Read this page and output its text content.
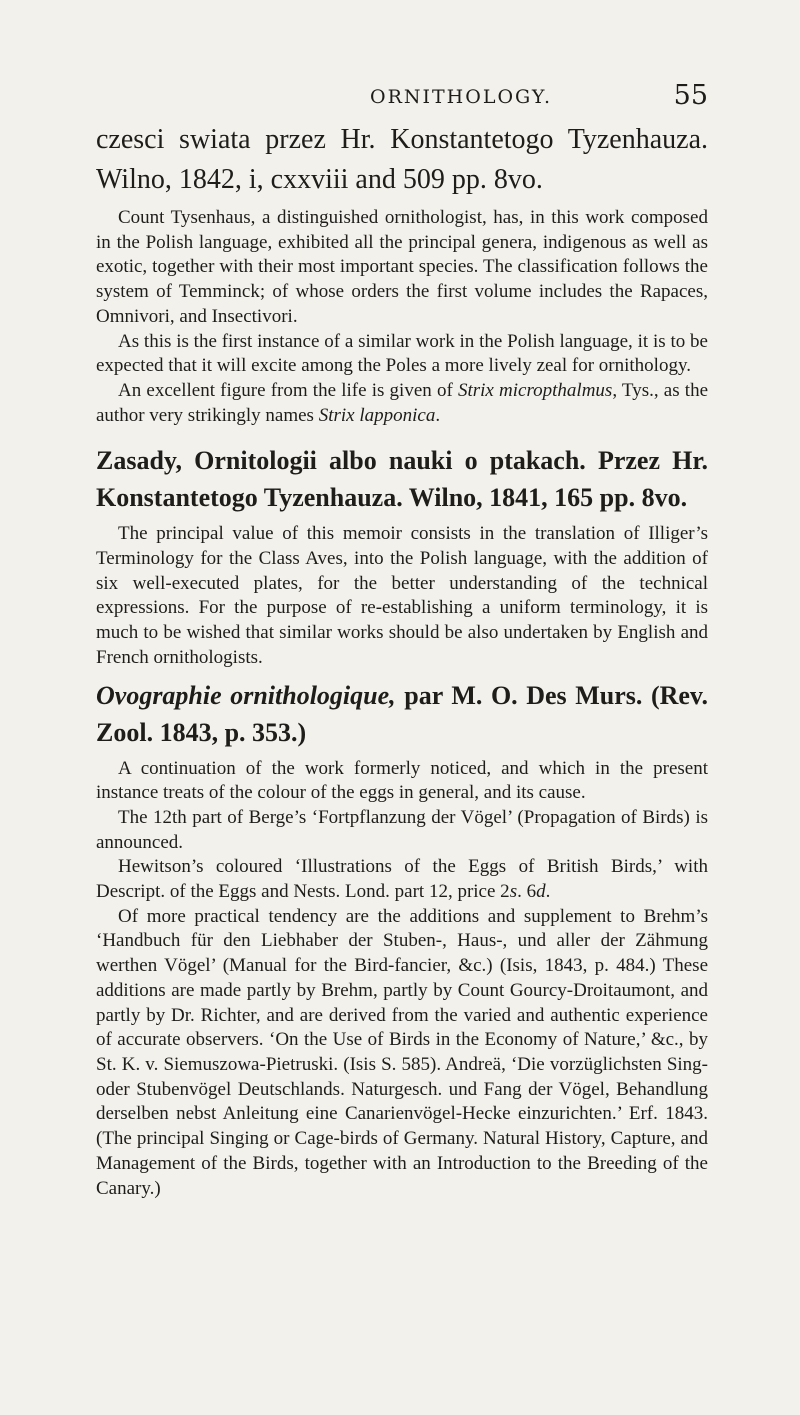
ORNITHOLOGY.	55

czesci swiata przez Hr. Konstantetogo Tyzenhauza. Wilno, 1842, i, cxxviii and 509 pp. 8vo.

Count Tysenhaus, a distinguished ornithologist, has, in this work composed in the Polish language, exhibited all the principal genera, indigenous as well as exotic, together with their most important species. The classification follows the system of Temminck; of whose orders the first volume includes the Rapaces, Omnivori, and Insectivori.

As this is the first instance of a similar work in the Polish language, it is to be expected that it will excite among the Poles a more lively zeal for ornithology.

An excellent figure from the life is given of Strix micropthalmus, Tys., as the author very strikingly names Strix lapponica.

Zasady, Ornitologii albo nauki o ptakach. Przez Hr. Konstantetogo Tyzenhauza. Wilno, 1841, 165 pp. 8vo.

The principal value of this memoir consists in the translation of Illiger’s Terminology for the Class Aves, into the Polish language, with the addition of six well-executed plates, for the better understanding of the technical expressions. For the purpose of re-establishing a uniform terminology, it is much to be wished that similar works should be also undertaken by English and French ornithologists.

Ovographie ornithologique, par M. O. Des Murs. (Rev. Zool. 1843, p. 353.)

A continuation of the work formerly noticed, and which in the present instance treats of the colour of the eggs in general, and its cause.

The 12th part of Berge’s ‘Fortpflanzung der Vögel’ (Propagation of Birds) is announced.

Hewitson’s coloured ‘Illustrations of the Eggs of British Birds,’ with Descript. of the Eggs and Nests. Lond. part 12, price 2s. 6d.

Of more practical tendency are the additions and supplement to Brehm’s ‘Handbuch für den Liebhaber der Stuben-, Haus-, und aller der Zähmung werthen Vögel’ (Manual for the Bird-fancier, &c.) (Isis, 1843, p. 484.) These additions are made partly by Brehm, partly by Count Gourcy-Droitaumont, and partly by Dr. Richter, and are derived from the varied and authentic experience of accurate observers. ‘On the Use of Birds in the Economy of Nature,’ &c., by St. K. v. Siemuszowa-Pietruski. (Isis S. 585). Andreä, ‘Die vorzüglichsten Sing-oder Stubenvögel Deutschlands. Naturgesch. und Fang der Vögel, Behandlung derselben nebst Anleitung eine Canarienvögel-Hecke einzurichten.’ Erf. 1843. (The principal Singing or Cage-birds of Germany. Natural History, Capture, and Management of the Birds, together with an Introduction to the Breeding of the Canary.)
